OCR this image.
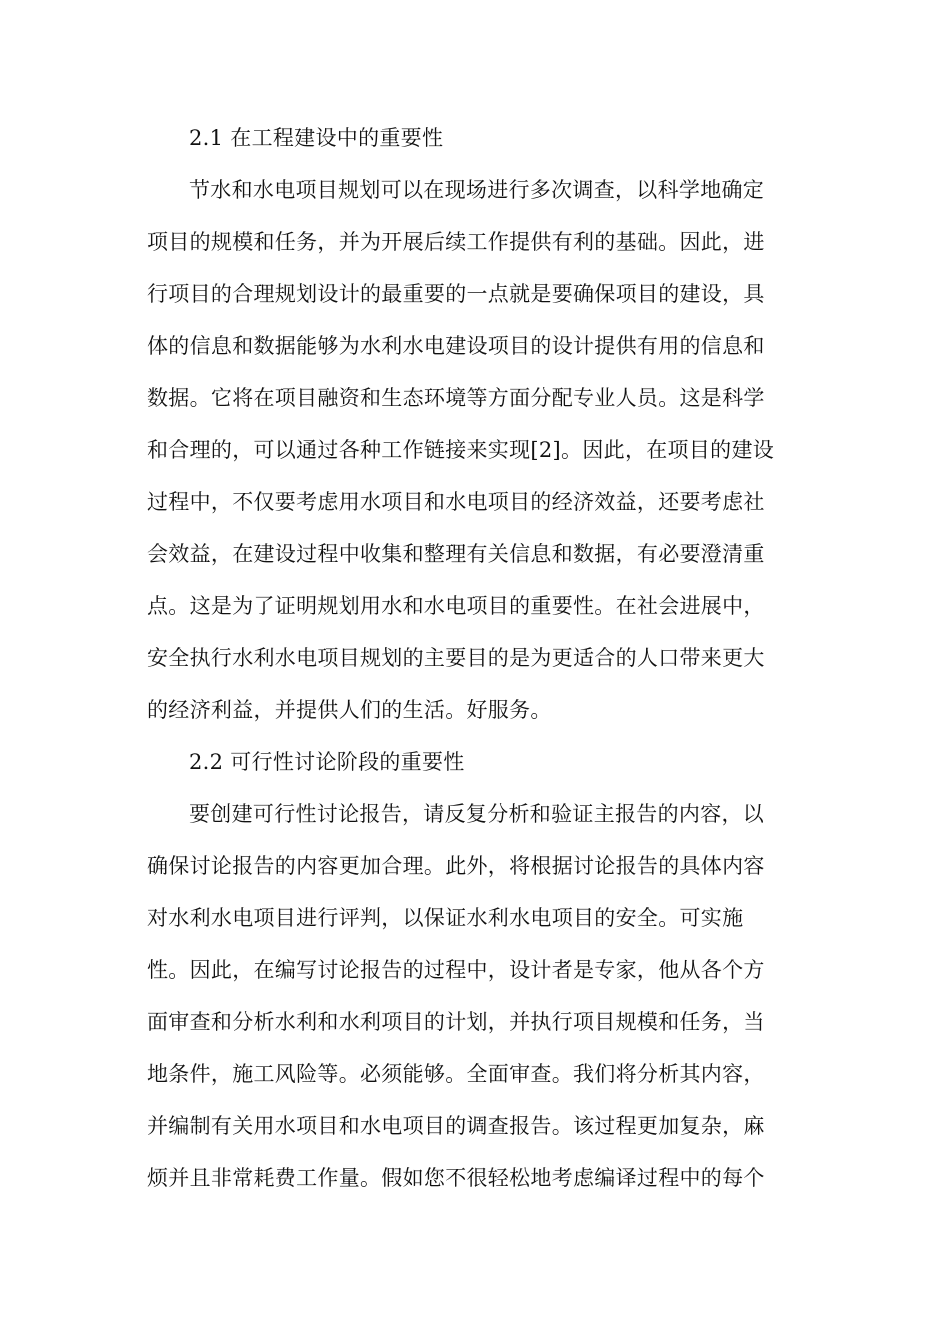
2.1 在工程建设中的重要性
节水和水电项目规划可以在现场进行多次调查，以科学地确定
项目的规模和任务，并为开展后续工作提供有利的基础。因此，进
行项目的合理规划设计的最重要的一点就是要确保项目的建设，具
体的信息和数据能够为水利水电建设项目的设计提供有用的信息和
数据。它将在项目融资和生态环境等方面分配专业人员。这是科学
和合理的，可以通过各种工作链接来实现[2]。因此，在项目的建设
过程中，不仅要考虑用水项目和水电项目的经济效益，还要考虑社
会效益，在建设过程中收集和整理有关信息和数据，有必要澄清重
点。这是为了证明规划用水和水电项目的重要性。在社会进展中，
安全执行水利水电项目规划的主要目的是为更适合的人口带来更大
的经济利益，并提供人们的生活。好服务。
2.2 可行性讨论阶段的重要性
要创建可行性讨论报告，请反复分析和验证主报告的内容，以
确保讨论报告的内容更加合理。此外，将根据讨论报告的具体内容
对水利水电项目进行评判，以保证水利水电项目的安全。可实施
性。因此，在编写讨论报告的过程中，设计者是专家，他从各个方
面审查和分析水利和水利项目的计划，并执行项目规模和任务，当
地条件，施工风险等。必须能够。全面审查。我们将分析其内容，
并编制有关用水项目和水电项目的调查报告。该过程更加复杂，麻
烦并且非常耗费工作量。假如您不很轻松地考虑编译过程中的每个
